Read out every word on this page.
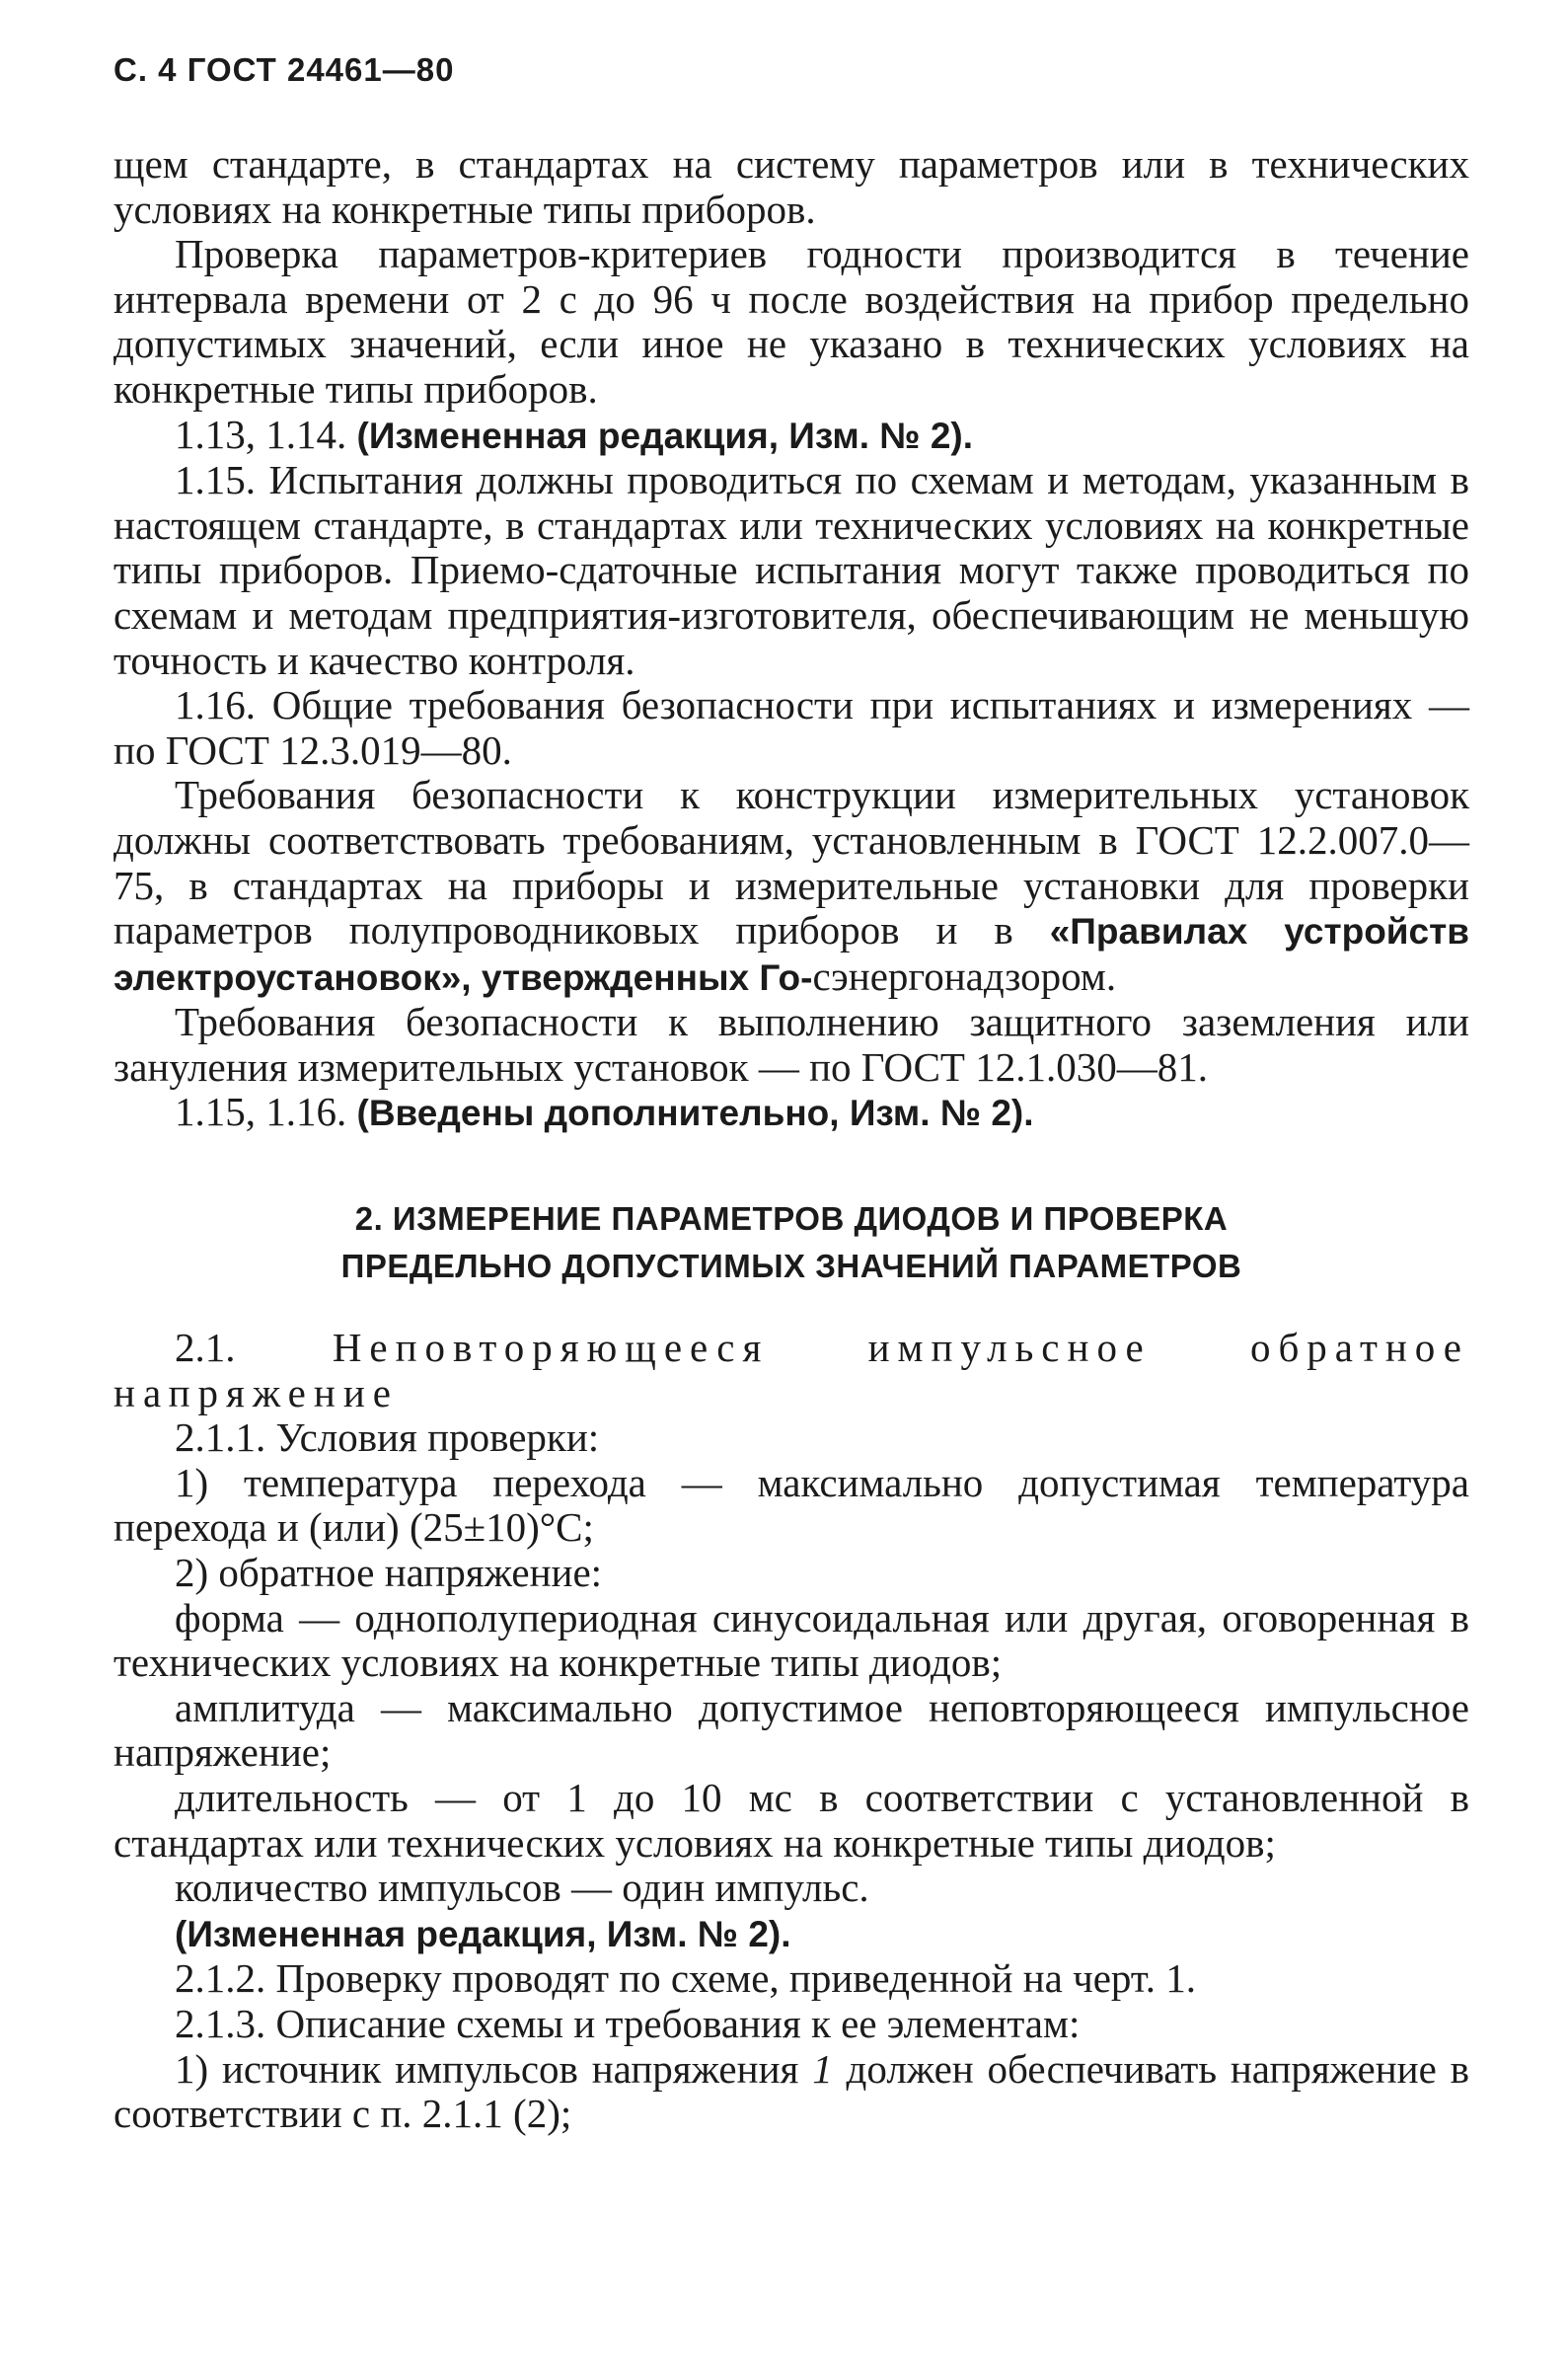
С. 4 ГОСТ 24461—80

щем стандарте, в стандартах на систему параметров или в технических условиях на конкретные типы приборов.

Проверка параметров-критериев годности производится в течение интервала времени от 2 с до 96 ч после воздействия на прибор предельно допустимых значений, если иное не указано в технических условиях на конкретные типы приборов.

1.13, 1.14. (Измененная редакция, Изм. № 2).

1.15. Испытания должны проводиться по схемам и методам, указанным в настоящем стандарте, в стандартах или технических условиях на конкретные типы приборов. Приемо-сдаточные испытания могут также проводиться по схемам и методам предприятия-изготовителя, обеспечивающим не меньшую точность и качество контроля.

1.16. Общие требования безопасности при испытаниях и измерениях — по ГОСТ 12.3.019—80.

Требования безопасности к конструкции измерительных установок должны соответствовать требованиям, установленным в ГОСТ 12.2.007.0—75, в стандартах на приборы и измерительные установки для проверки параметров полупроводниковых приборов и в «Правилах устройств электроустановок», утвержденных Го-сэнергонадзором.

Требования безопасности к выполнению защитного заземления или зануления измерительных установок — по ГОСТ 12.1.030—81.

1.15, 1.16. (Введены дополнительно, Изм. № 2).

2. ИЗМЕРЕНИЕ ПАРАМЕТРОВ ДИОДОВ И ПРОВЕРКА
ПРЕДЕЛЬНО ДОПУСТИМЫХ ЗНАЧЕНИЙ ПАРАМЕТРОВ

2.1. Неповторяющееся импульсное обратное напряжение

2.1.1. Условия проверки:

1) температура перехода — максимально допустимая температура перехода и (или) (25±10)°С;

2) обратное напряжение:

форма — однополупериодная синусоидальная или другая, оговоренная в технических условиях на конкретные типы диодов;

амплитуда — максимально допустимое неповторяющееся импульсное напряжение;

длительность — от 1 до 10 мс в соответствии с установленной в стандартах или технических условиях на конкретные типы диодов;

количество импульсов — один импульс.

(Измененная редакция, Изм. № 2).

2.1.2. Проверку проводят по схеме, приведенной на черт. 1.

2.1.3. Описание схемы и требования к ее элементам:

1) источник импульсов напряжения 1 должен обеспечивать напряжение в соответствии с п. 2.1.1 (2);
